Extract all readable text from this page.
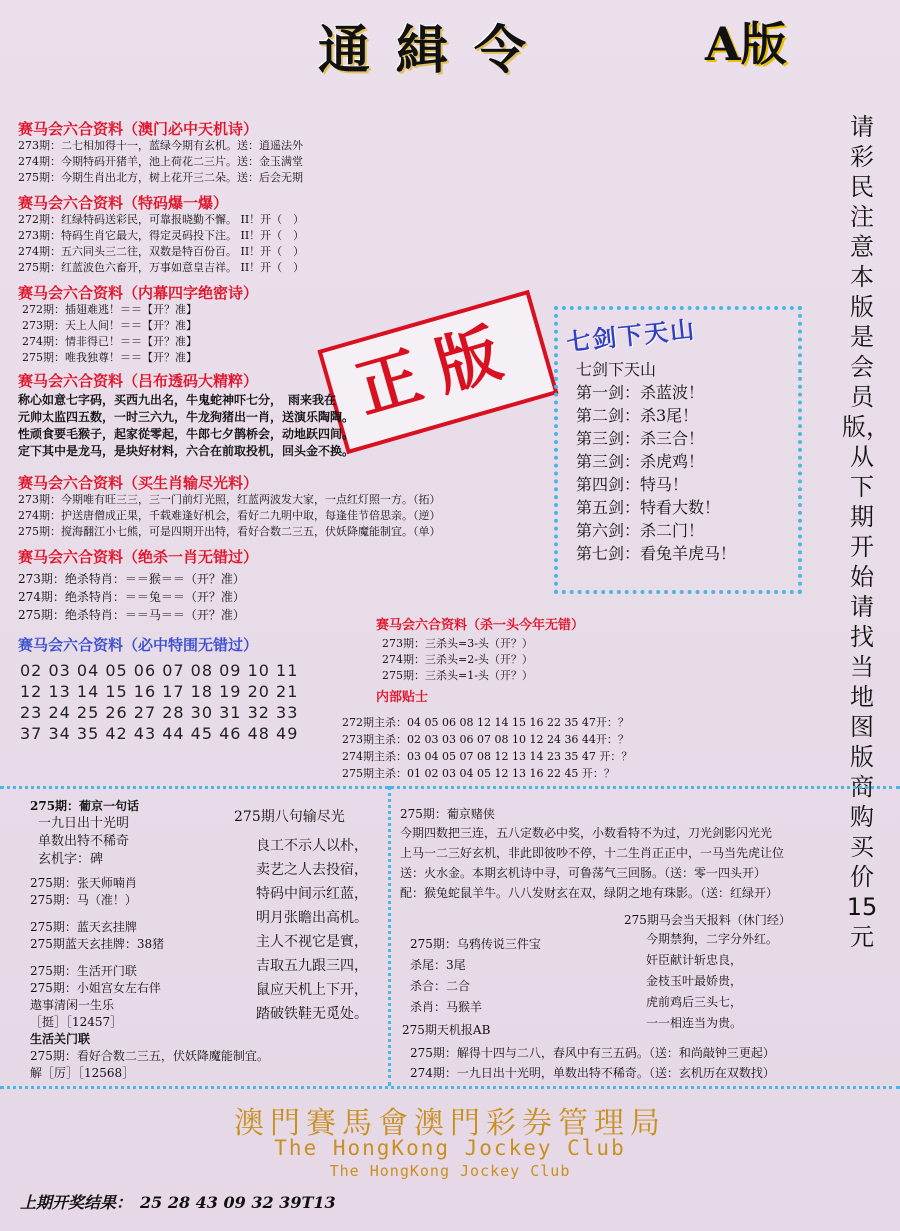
通緝令	A版
请彩民注意本版是会员版，从下期开始请找当地图版商购买价15元
赛马会六合资料（澳门必中天机诗）
273期：二七相加得十一，蓝绿今期有玄机。送：逍遥法外
274期：今期特码开猪羊，池上荷花二三片。送：金玉满堂
275期：今期生肖出北方，树上花开三二朵。送：后会无期
赛马会六合资料（特码爆一爆）
272期：红绿特码送彩民，可靠报晓勤不懈。 II！开（　）
273期：特码生肖它最大，得定灵码投下注。 II！开（　）
274期：五六同头三二往，双数是特百份百。 II！开（　）
275期：红蓝波色六畜开，万事如意皇吉祥。 II！开（　）
赛马会六合资料（内幕四字绝密诗）
272期：插翅难逃！＝＝【开？准】
273期：天上人间！＝＝【开？准】
274期：情非得已！＝＝【开？准】
275期：唯我独尊！＝＝【开？准】	正版
赛马会六合资料（吕布透码大精粹）
称心如意七字码，买西九出名，牛鬼蛇神吓七分，　雨来我在
元帅太监四五数，一时三六九，牛龙狗猪出一肖，送演乐陶陶。
性顽食要毛猴子，起家從零起，牛郎七夕鹊桥会，动地跃四间。
定下其中是龙马，是块好材料，六合在前取投机，回头金不换。
赛马会六合资料（买生肖输尽光料）
273期：今期唯有旺三三，三一门前灯光照，红蓝两波发大家，一点红灯照一方。（拓）
274期：护送唐僧成正果，千载难逢好机会，看好二九明中取，每逢佳节倍思亲。（逆）
275期：搅海翻江小七熊，可是四期开出特，看好合数二三五，伏妖降魔能制宜。（单）
赛马会六合资料（绝杀一肖无错过）
273期：绝杀特肖：＝＝猴＝＝（开？准）
274期：绝杀特肖：＝＝兔＝＝（开？准）
275期：绝杀特肖：＝＝马＝＝（开？准）
赛马会六合资料（必中特围无错过）
02 03 04 05 06 07 08 09 10 11
12 13 14 15 16 17 18 19 20 21
23 24 25 26 27 28 30 31 32 33
37 34 35 42 43 44 45 46 48 49
七剑下天山
七剑下天山
第一剑：杀蓝波！
第二剑：杀3尾！
第三剑：杀三合！
第三剑：杀虎鸡！
第四剑：特马！
第五剑：特看大数！
第六剑：杀二门！
第七剑：看兔羊虎马！
赛马会六合资料（杀一头今年无错）
273期：三杀头=3-头（开？）
274期：三杀头=2-头（开？）
275期：三杀头=1-头（开？）
内部贴士
272期主杀：04 05 06 08 12 14 15 16 22 35 47开：？
273期主杀：02 03 03 06 07 08 10 12 24 36 44开：？
274期主杀：03 04 05 07 08 12 13 14 23 35 47 开：？
275期主杀：01 02 03 04 05 12 13 16 22 45 开：？
275期：葡京一句话
一九日出十光明
单数出特不稀奇
玄机字：碑
275期：张天师喃肖
275期：马（准！）
275期：蓝天玄挂牌
275期蓝天玄挂牌：38猪
275期：生活开门联
275期：小姐宫女左右伴
遨事清闲一生乐
［挺］［12457］
生活关门联
275期：看好合数二三五，伏妖降魔能制宜。
解［厉］［12568］
275期八句输尽光
良工不示人以朴，
卖艺之人去投宿，
特码中间示红蓝，
明月张瞻出高机。
主人不视它是實，
吉取五九跟三四，
鼠应天机上下开，
踏破铁鞋无觅处。
275期：葡京赌侠
今期四数把三连，五八定数必中奖，小数看特不为过，刀光剑影闪光光
上马一二三好玄机，非此即彼吵不停，十二生肖正正中，一马当先虎让位
送：火水金。本期玄机诗中寻，可鲁荡气三回肠。（送：零一四头开）
配：猴兔蛇鼠羊牛。八八发财玄在双，绿阴之地有珠影。（送：红绿开）
275期马会当天报料（休门经）
今期禁狗，二字分外红。
奸臣献计斩忠良，
金枝玉叶最娇贵，
虎前鸡后三头七，
一一相连当为贵。
275期：乌鸦传说三件宝
杀尾：3尾
杀合：二合
杀肖：马猴羊
275期天机报AB
275期：解得十四与二八，春风中有三五码。（送：和尚敲钟三更起）
274期：一九日出十光明，单数出特不稀奇。（送：玄机历在双数找）
澳門賽馬會澳門彩券管理局
The HongKong Jockey Club
The HongKong Jockey Club
上期开奖结果：　25 28 43 09 32 39T13
